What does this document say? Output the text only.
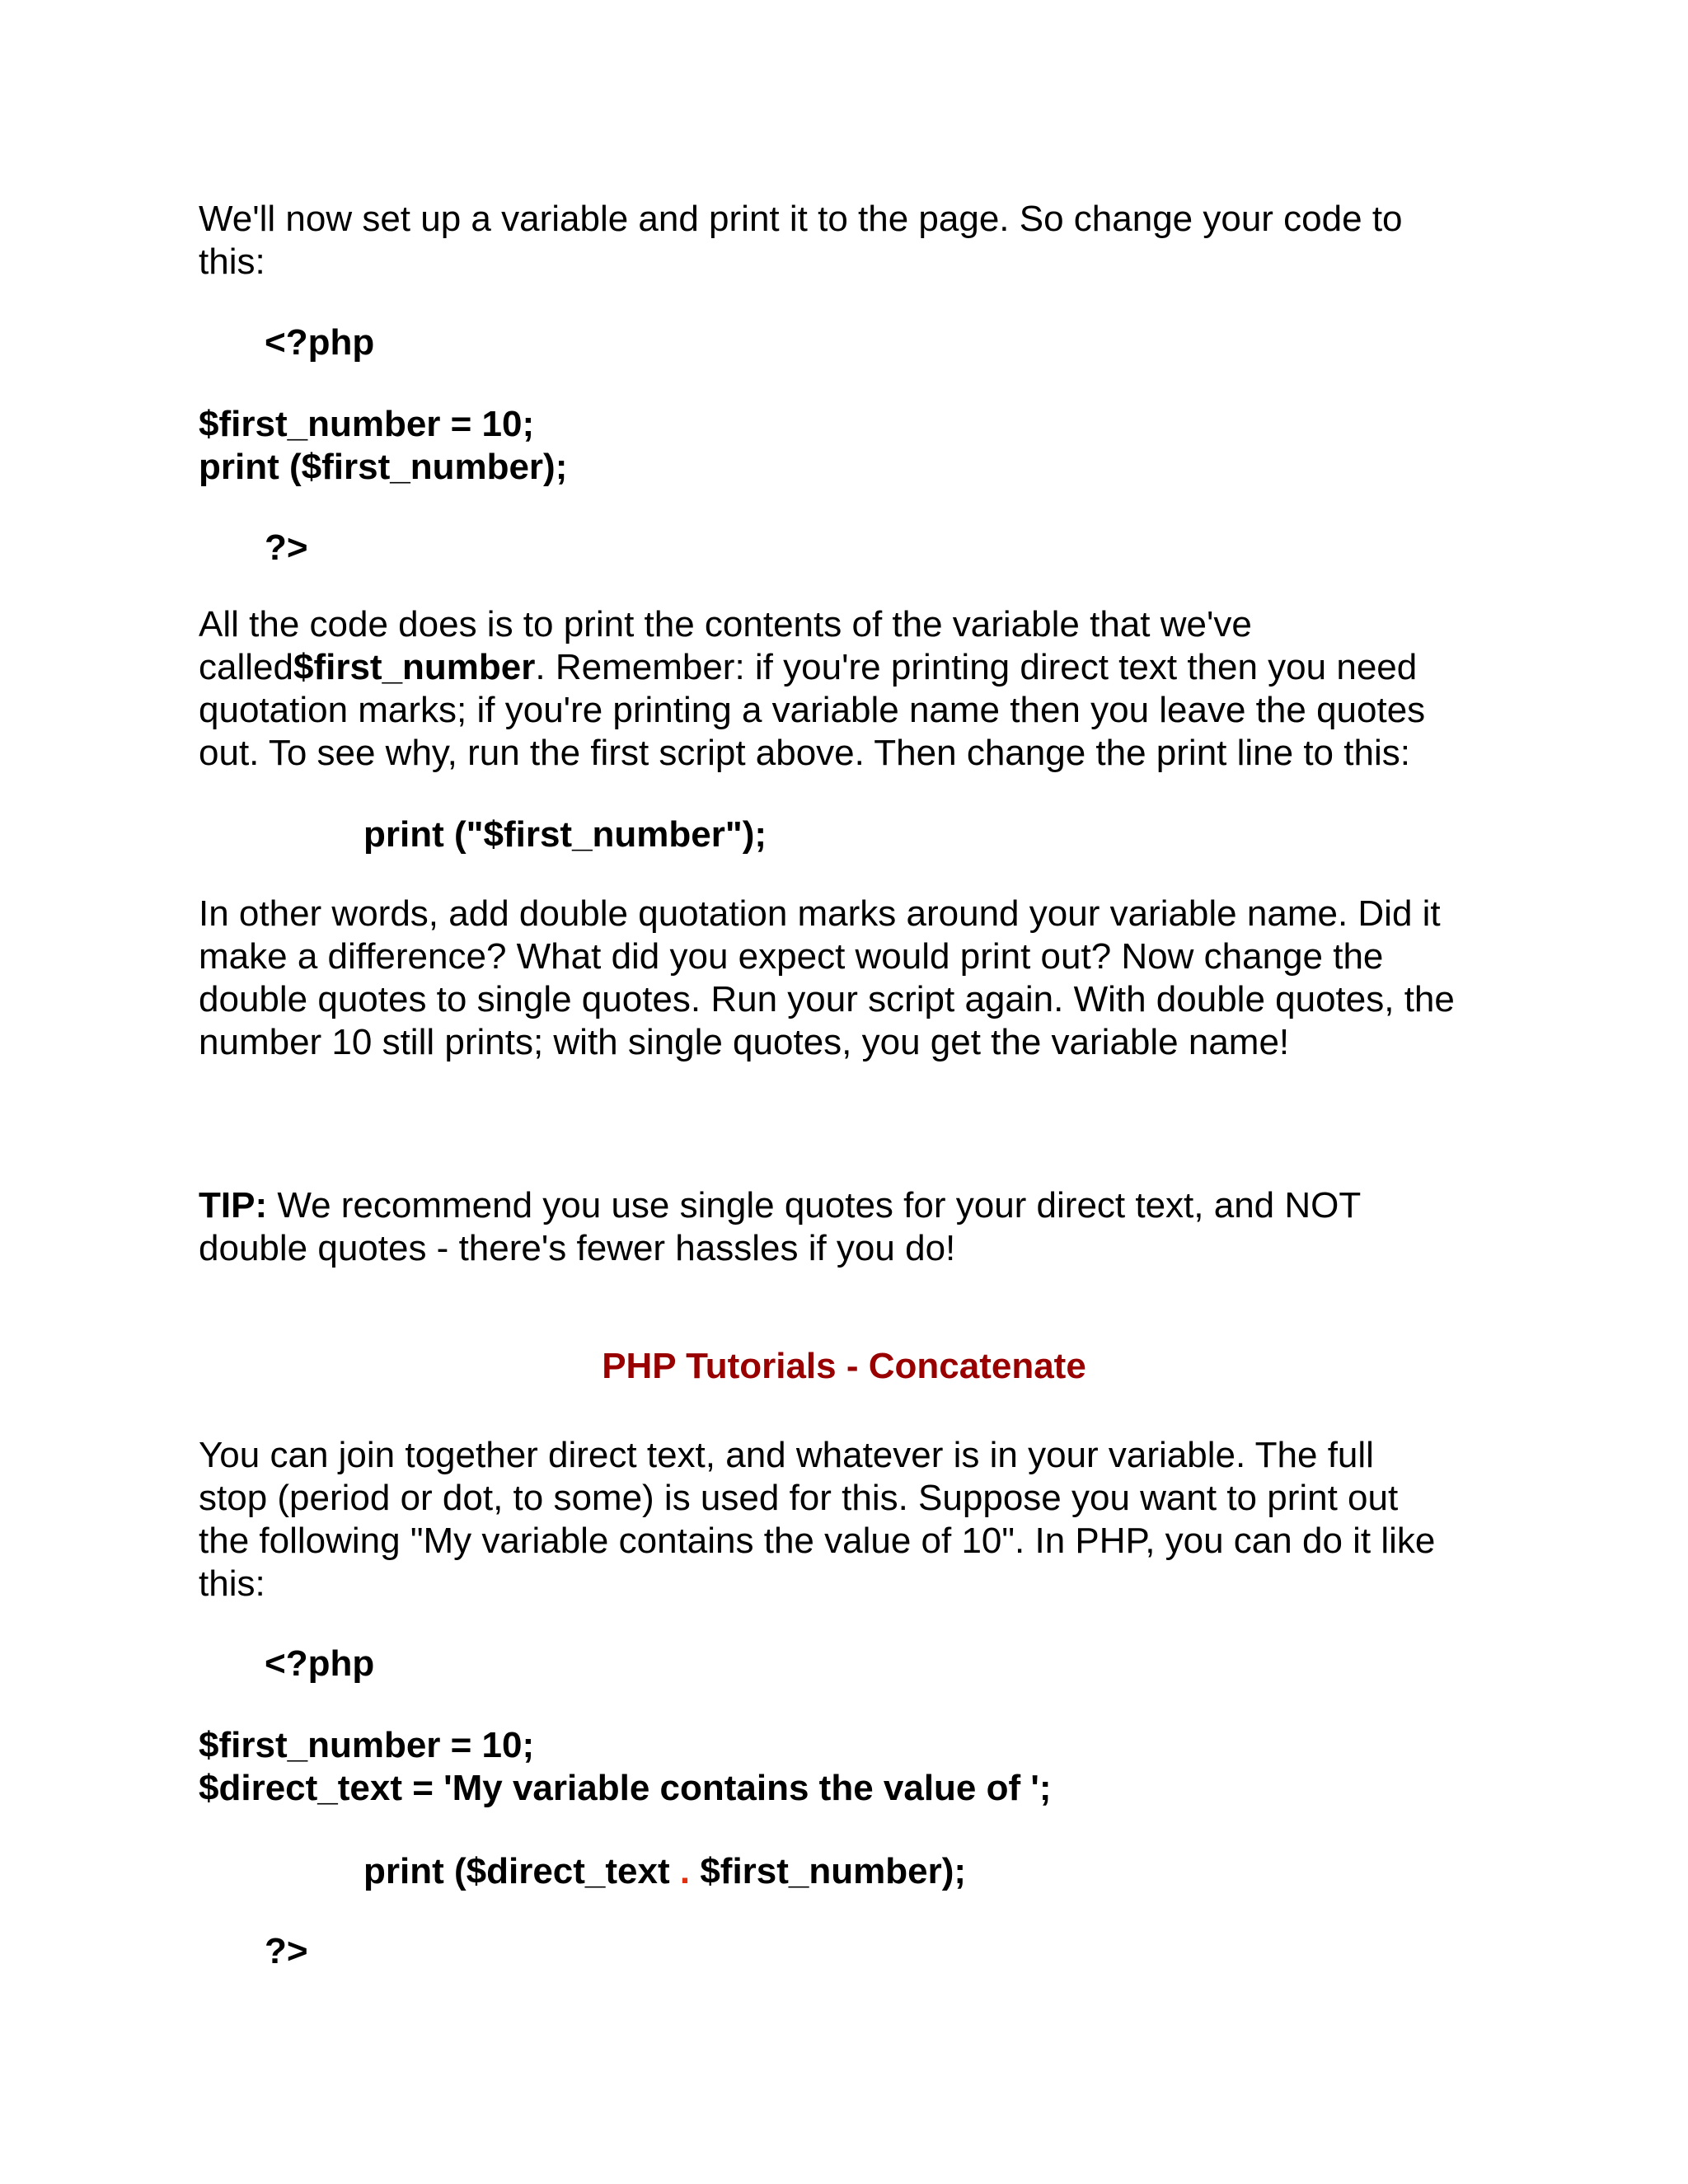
We'll now set up a variable and print it to the page. So change your code to
this:

<?php

$first_number = 10;
print ($first_number);

?>

All the code does is to print the contents of the variable that we've
called$first_number. Remember: if you're printing direct text then you need
quotation marks; if you're printing a variable name then you leave the quotes
out. To see why, run the first script above. Then change the print line to this:

print ("$first_number");

In other words, add double quotation marks around your variable name. Did it
make a difference? What did you expect would print out? Now change the
double quotes to single quotes. Run your script again. With double quotes, the
number 10 still prints; with single quotes, you get the variable name!

TIP: We recommend you use single quotes for your direct text, and NOT
double quotes - there's fewer hassles if you do!

PHP Tutorials - Concatenate

You can join together direct text, and whatever is in your variable. The full
stop (period or dot, to some) is used for this. Suppose you want to print out
the following "My variable contains the value of 10". In PHP, you can do it like
this:

<?php

$first_number = 10;
$direct_text = 'My variable contains the value of ';

print ($direct_text . $first_number);

?>
